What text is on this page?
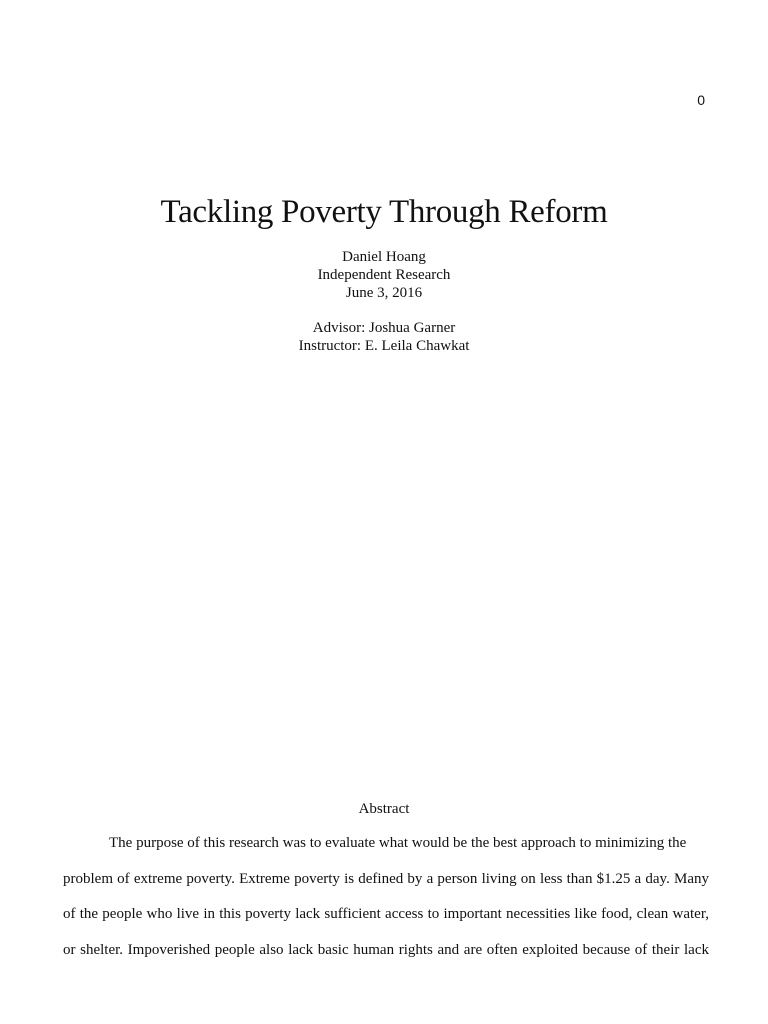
0
Tackling Poverty Through Reform
Daniel Hoang
Independent Research
June 3, 2016
Advisor: Joshua Garner
Instructor: E. Leila Chawkat
Abstract
The purpose of this research was to evaluate what would be the best approach to minimizing the
problem of extreme poverty. Extreme poverty is defined by a person living on less than $1.25 a day. Many
of the people who live in this poverty lack sufficient access to important necessities like food, clean water,
or shelter. Impoverished people also lack basic human rights and are often exploited because of their lack
